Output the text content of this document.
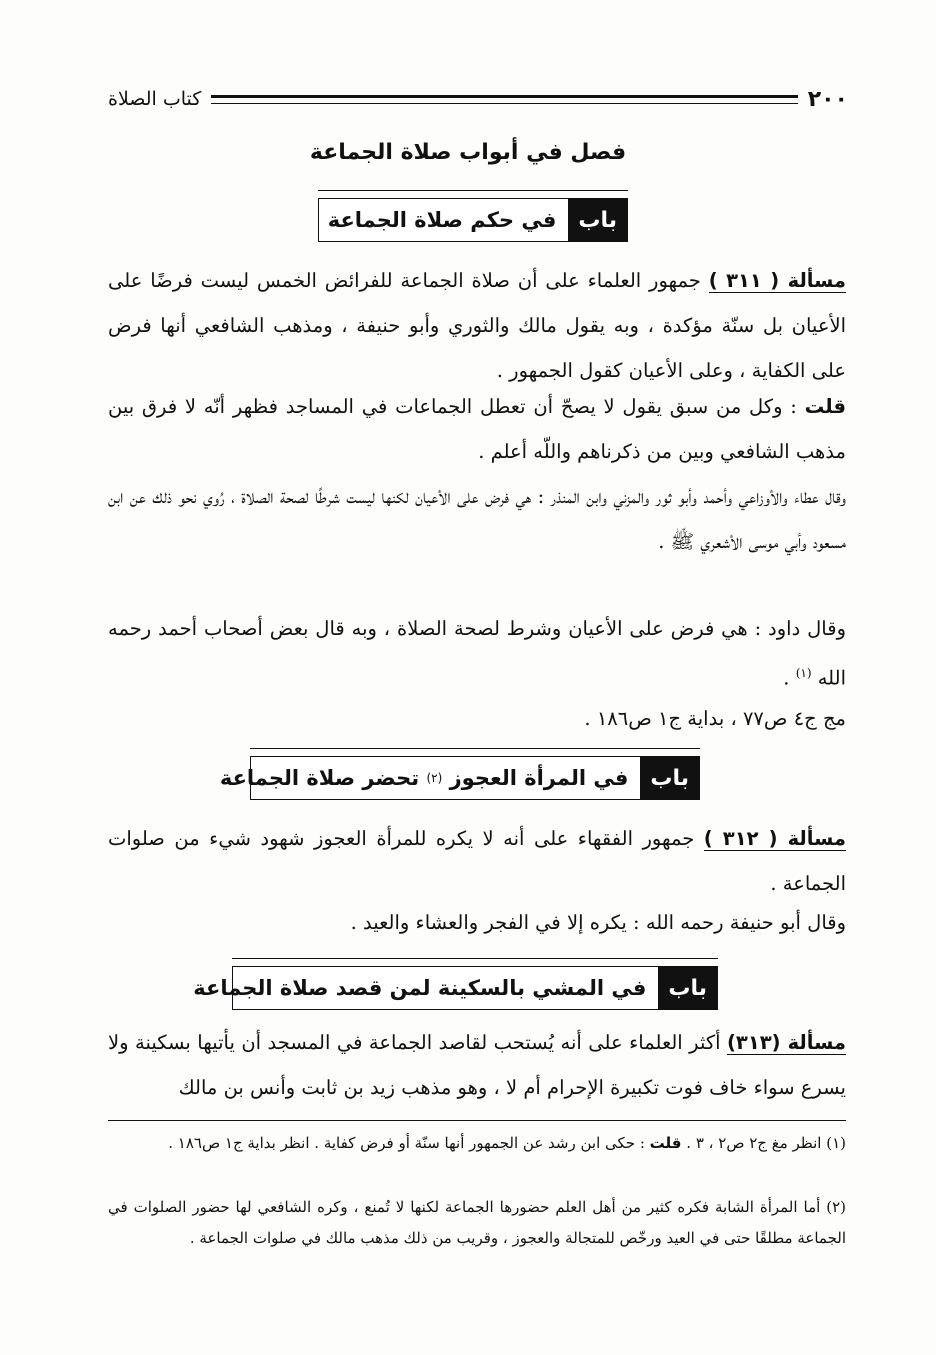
٢٠٠
كتاب الصلاة
فصل في أبواب صلاة الجماعة
باب
في حكم صلاة الجماعة

مسألة ( ٣١١ ) جمهور العلماء على أن صلاة الجماعة للفرائض الخمس ليست فرضًا على الأعيان بل سنّة مؤكدة ، وبه يقول مالك والثوري وأبو حنيفة ، ومذهب الشافعي أنها فرض على الكفاية ، وعلى الأعيان كقول الجمهور .

قلت : وكل من سبق يقول لا يصحّ أن تعطل الجماعات في المساجد فظهر أنّه لا فرق بين مذهب الشافعي وبين من ذكرناهم واللّه أعلم .

وقال عطاء والأوزاعي وأحمد وأبو ثور والمزني وابن المنذر : هي فرض على الأعيان لكنها ليست شرطًا لصحة الصلاة ، رُوي نحو ذلك عن ابن مسعود وأبي موسى الأشعري ﷺ .

وقال داود : هي فرض على الأعيان وشرط لصحة الصلاة ، وبه قال بعض أصحاب أحمد رحمه الله $^{(١)}$ .

مج ج٤ ص٧٧ ، بداية ج١ ص١٨٦ .

باب
في المرأة العجوز

(٢)

تحضر صلاة الجماعة

مسألة ( ٣١٢ ) جمهور الفقهاء على أنه لا يكره للمرأة العجوز شهود شيء من صلوات الجماعة .

وقال أبو حنيفة رحمه الله : يكره إلا في الفجر والعشاء والعيد .

باب
في المشي بالسكينة لمن قصد صلاة الجماعة

مسألة (٣١٣) أكثر العلماء على أنه يُستحب لقاصد الجماعة في المسجد أن يأتيها بسكينة ولا يسرع سواء خاف فوت تكبيرة الإحرام أم لا ، وهو مذهب زيد بن ثابت وأنس بن مالك

(١) انظر مغ ج٢ ص٢ ، ٣ . قلت : حكى ابن رشد عن الجمهور أنها سنّة أو فرض كفاية . انظر بداية ج١ ص١٨٦ .

(٢) أما المرأة الشابة فكره كثير من أهل العلم حضورها الجماعة لكنها لا تُمنع ، وكره الشافعي لها حضور الصلوات في الجماعة مطلقًا حتى في العيد ورخّص للمتجالة والعجوز ، وقريب من ذلك مذهب مالك في صلوات الجماعة .
